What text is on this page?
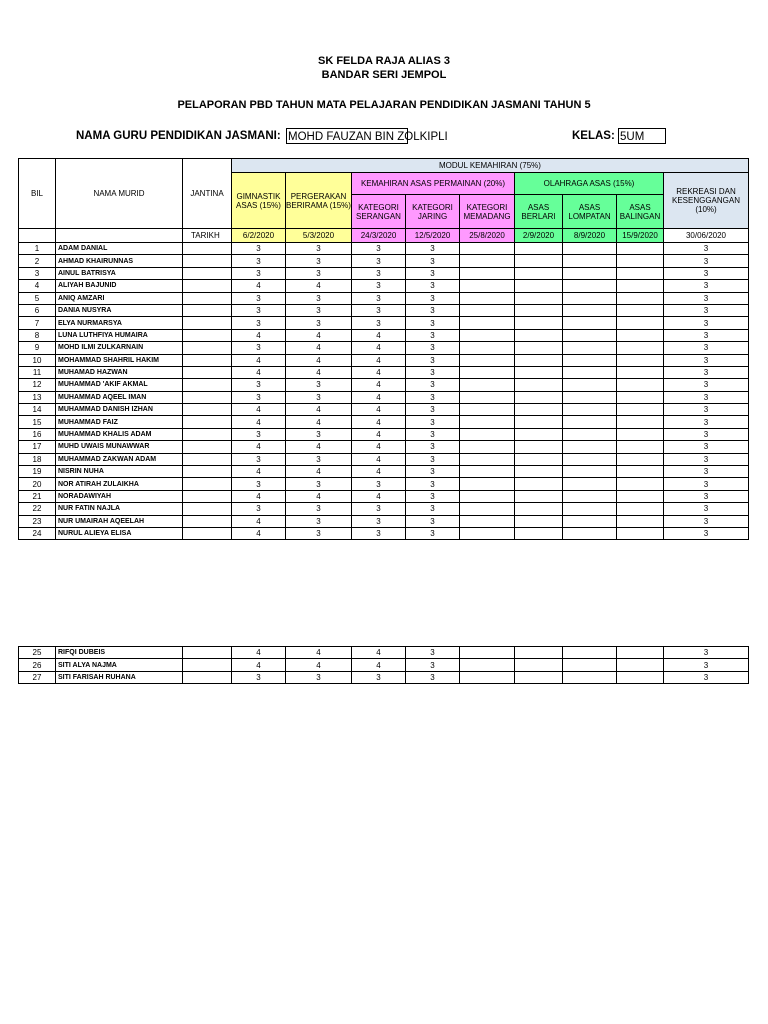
SK FELDA RAJA ALIAS 3
BANDAR SERI JEMPOL
PELAPORAN PBD TAHUN MATA PELAJARAN PENDIDIKAN JASMANI TAHUN 5
NAMA GURU PENDIDIKAN JASMANI: MOHD FAUZAN BIN ZOLKIPLI	KELAS: 5UM
BIL	NAMA MURID	JANTINA	MODUL KEMAHIRAN (75%)								
			GIMNASTIK ASAS (15%)	PERGERAKAN BERIRAMA (15%)	KEMAHIRAN ASAS PERMAINAN (20%)			OLAHRAGA ASAS (15%)			REKREASI DAN KESENGGANGAN (10%)
					KATEGORI SERANGAN	KATEGORI JARING	KATEGORI MEMADANG	ASAS BERLARI	ASAS LOMPATAN	ASAS BALINGAN	
		TARIKH	6/2/2020	5/3/2020	24/3/2020	12/5/2020	25/8/2020	2/9/2020	8/9/2020	15/9/2020	30/06/2020
1	ADAM DANIAL		3	3	3	3					3
2	AHMAD KHAIRUNNAS		3	3	3	3					3
3	AINUL BATRISYA		3	3	3	3					3
4	ALIYAH BAJUNID		4	4	3	3					3
5	ANIQ AMZARI		3	3	3	3					3
6	DANIA NUSYRA		3	3	3	3					3
7	ELYA NURMARSYA		3	3	3	3					3
8	LUNA LUTHFIYA HUMAIRA		4	4	4	3					3
9	MOHD ILMI ZULKARNAIN		3	4	4	3					3
10	MOHAMMAD SHAHRIL HAKIM		4	4	4	3					3
11	MUHAMAD HAZWAN		4	4	4	3					3
12	MUHAMMAD 'AKIF AKMAL		3	3	4	3					3
13	MUHAMMAD AQEEL IMAN		3	3	4	3					3
14	MUHAMMAD DANISH IZHAN		4	4	4	3					3
15	MUHAMMAD FAIZ		4	4	4	3					3
16	MUHAMMAD KHALIS ADAM		3	3	4	3					3
17	MUHD UWAIS MUNAWWAR		4	4	4	3					3
18	MUHAMMAD ZAKWAN ADAM		3	3	4	3					3
19	NISRIN NUHA		4	4	4	3					3
20	NOR ATIRAH ZULAIKHA		3	3	3	3					3
21	NORADAWIYAH		4	4	4	3					3
22	NUR FATIN NAJLA		3	3	3	3					3
23	NUR UMAIRAH AQEELAH		4	3	3	3					3
24	NURUL ALIEYA ELISA		4	3	3	3					3
25	RIFQI DUBEIS		4	4	4	3					3
26	SITI ALYA NAJMA		4	4	4	3					3
27	SITI FARISAH RUHANA		3	3	3	3					3
